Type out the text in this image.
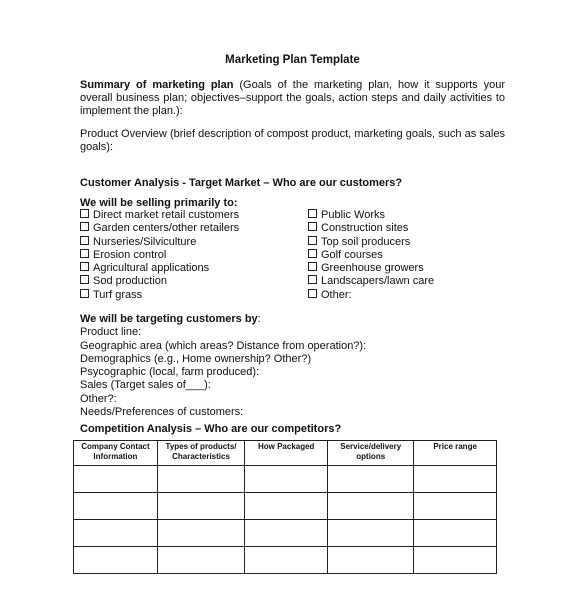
Marketing Plan Template
Summary of marketing plan (Goals of the marketing plan, how it supports your overall business plan; objectives–support the goals, action steps and daily activities to implement the plan.):
Product Overview (brief description of compost product, marketing goals, such as sales goals):
Customer Analysis - Target Market – Who are our customers?
We will be selling primarily to:
Direct market retail customers
Garden centers/other retailers
Nurseries/Silviculture
Erosion control
Agricultural applications
Sod production
Turf grass
Public Works
Construction sites
Top soil producers
Golf courses
Greenhouse growers
Landscapers/lawn care
Other:
We will be targeting customers by:
Product line:
Geographic area (which areas? Distance from operation?):
Demographics (e.g., Home ownership? Other?)
Psycographic (local, farm produced):
Sales (Target sales of___):
Other?:
Needs/Preferences of customers:
Competition Analysis – Who are our competitors?
Company Contact Information	Types of products/ Characteristics	How Packaged	Service/delivery options	Price range
